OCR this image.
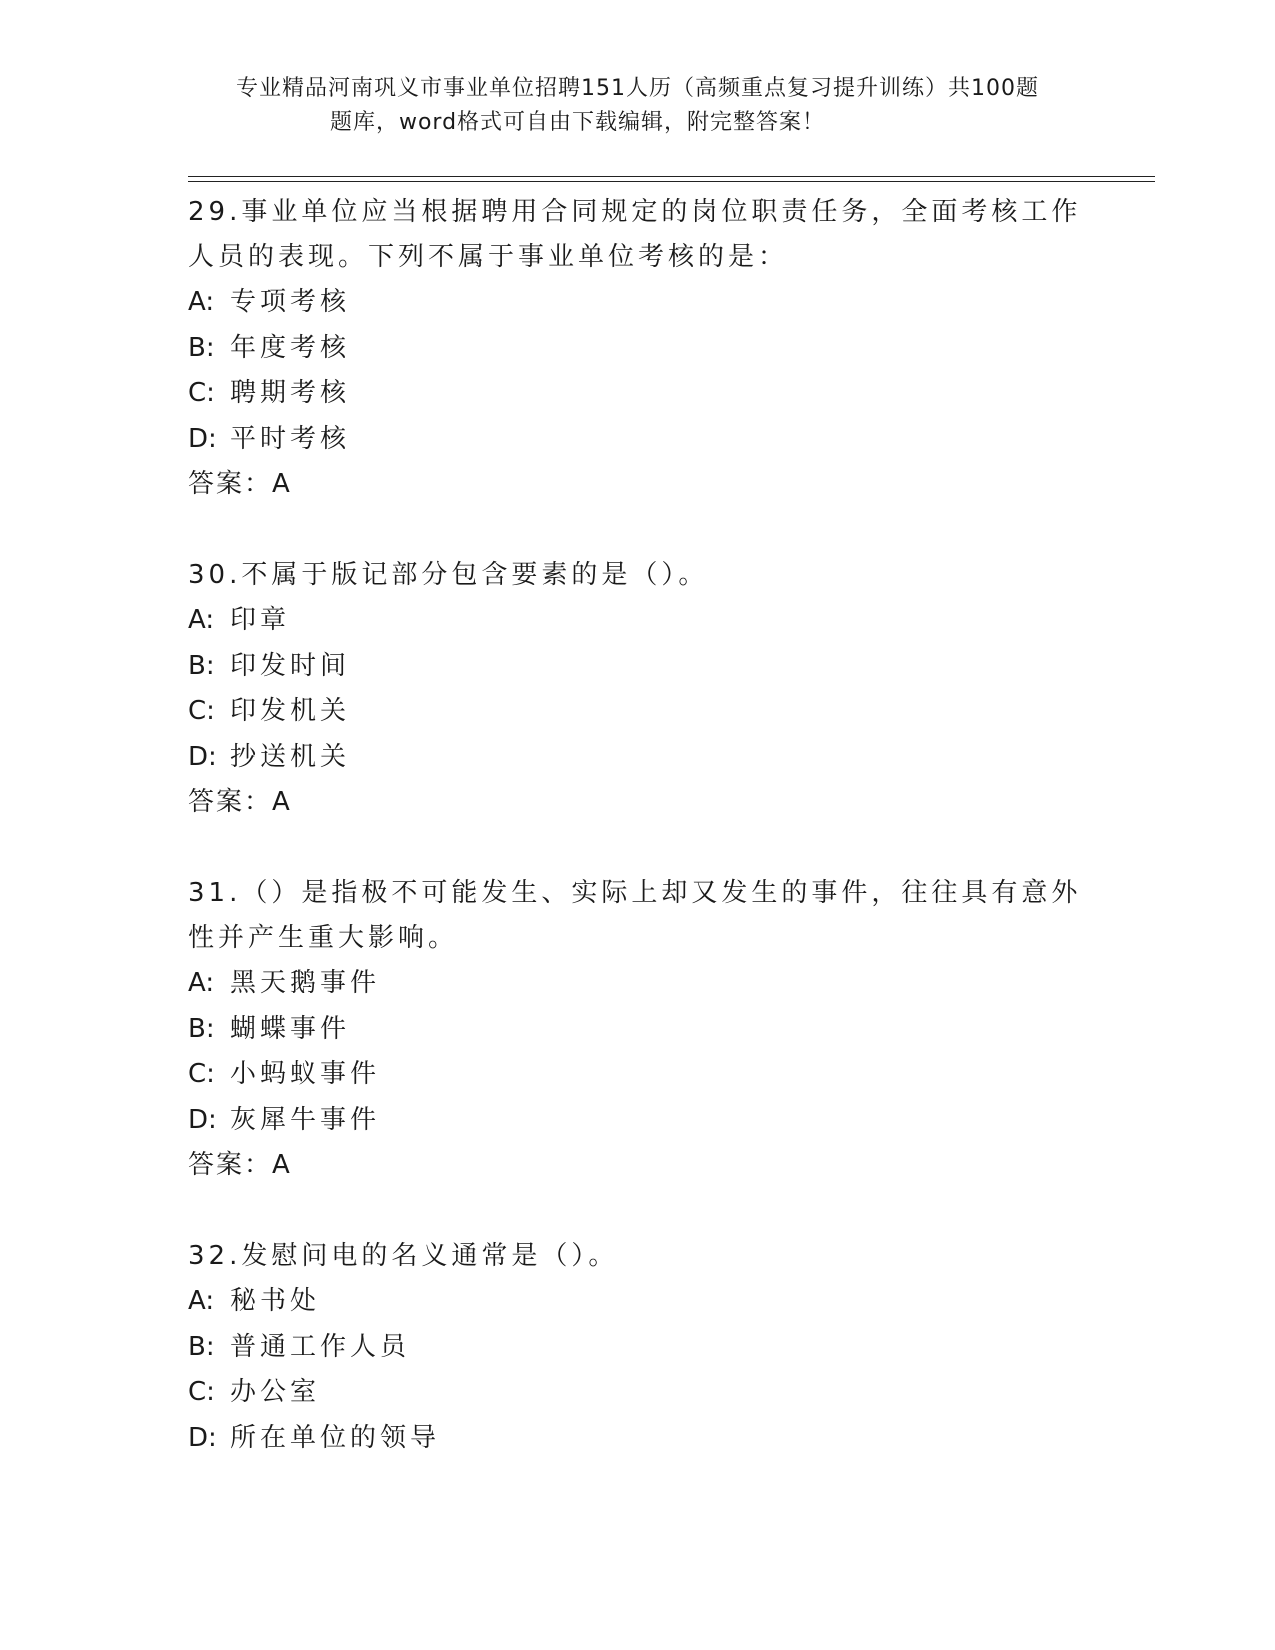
专业精品河南巩义市事业单位招聘151人历（高频重点复习提升训练）共100题
题库，word格式可自由下载编辑，附完整答案！

29.事业单位应当根据聘用合同规定的岗位职责任务，全面考核工作人员的表现。下列不属于事业单位考核的是：

A: 专项考核
B: 年度考核
C: 聘期考核
D: 平时考核
答案：A

30.不属于版记部分包含要素的是（）。

A: 印章
B: 印发时间
C: 印发机关
D: 抄送机关
答案：A

31.（）是指极不可能发生、实际上却又发生的事件，往往具有意外性并产生重大影响。

A: 黑天鹅事件
B: 蝴蝶事件
C: 小蚂蚁事件
D: 灰犀牛事件
答案：A

32.发慰问电的名义通常是（）。

A: 秘书处
B: 普通工作人员
C: 办公室
D: 所在单位的领导
